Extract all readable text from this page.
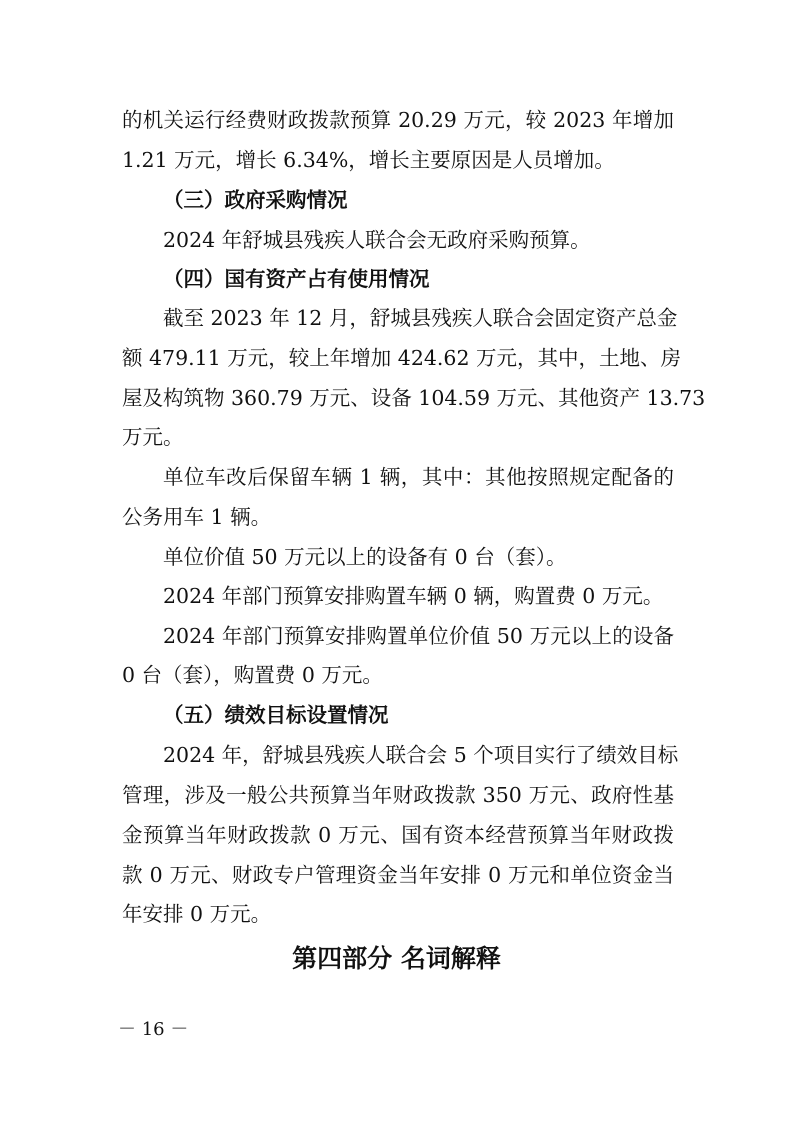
的机关运行经费财政拨款预算 20.29 万元，较 2023 年增加
1.21 万元，增长 6.34%，增长主要原因是人员增加。
（三）政府采购情况
2024 年舒城县残疾人联合会无政府采购预算。
（四）国有资产占有使用情况
截至 2023 年 12 月，舒城县残疾人联合会固定资产总金
额 479.11 万元，较上年增加 424.62 万元，其中，土地、房
屋及构筑物 360.79 万元、设备 104.59 万元、其他资产 13.73
万元。
单位车改后保留车辆 1 辆，其中：其他按照规定配备的
公务用车 1 辆。
单位价值 50 万元以上的设备有 0 台（套）。
2024 年部门预算安排购置车辆 0 辆，购置费 0 万元。
2024 年部门预算安排购置单位价值 50 万元以上的设备
0 台（套），购置费 0 万元。
（五）绩效目标设置情况
2024 年，舒城县残疾人联合会 5 个项目实行了绩效目标
管理，涉及一般公共预算当年财政拨款 350 万元、政府性基
金预算当年财政拨款 0 万元、国有资本经营预算当年财政拨
款 0 万元、财政专户管理资金当年安排 0 万元和单位资金当
年安排 0 万元。
第四部分 名词解释
－ 16 －
